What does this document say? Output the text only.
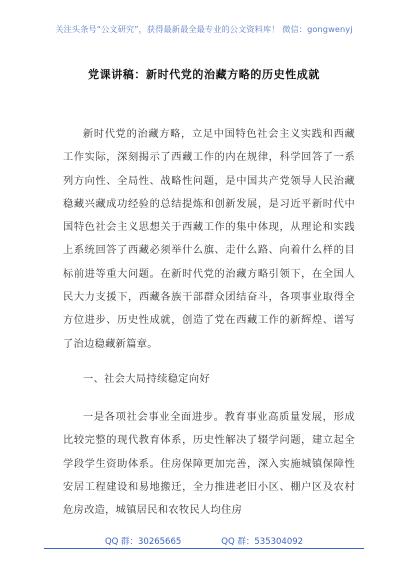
关注头条号“公文研究”，获得最新最全最专业的公文资料库！ 微信：gongwenyj
党课讲稿：新时代党的治藏方略的历史性成就
新时代党的治藏方略，立足中国特色社会主义实践和西藏工作实际，深刻揭示了西藏工作的内在规律，科学回答了一系列方向性、全局性、战略性问题，是中国共产党领导人民治藏稳藏兴藏成功经验的总结提炼和创新发展，是习近平新时代中国特色社会主义思想关于西藏工作的集中体现，从理论和实践上系统回答了西藏必须举什么旗、走什么路、向着什么样的目标前进等重大问题。在新时代党的治藏方略引领下，在全国人民大力支援下，西藏各族干部群众团结奋斗，各项事业取得全方位进步、历史性成就，创造了党在西藏工作的新辉煌、谱写了治边稳藏新篇章。
一、社会大局持续稳定向好
一是各项社会事业全面进步。教育事业高质量发展，形成比较完整的现代教育体系，历史性解决了辍学问题，建立起全学段学生资助体系。住房保障更加完善，深入实施城镇保障性安居工程建设和易地搬迁，全力推进老旧小区、棚户区及农村危房改造，城镇居民和农牧民人均住房
QQ 群：30265665	QQ 群：535304092
